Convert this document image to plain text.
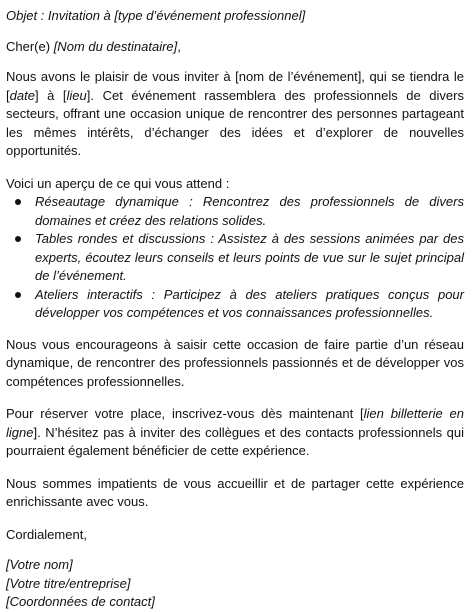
Objet : Invitation à [type d’événement professionnel]

Cher(e) [Nom du destinataire],

Nous avons le plaisir de vous inviter à [nom de l’événement], qui se tiendra le [date] à [lieu]. Cet événement rassemblera des professionnels de divers secteurs, offrant une occasion unique de rencontrer des personnes partageant les mêmes intérêts, d’échanger des idées et d’explorer de nouvelles opportunités.

Voici un aperçu de ce qui vous attend :

Réseautage dynamique : Rencontrez des professionnels de divers domaines et créez des relations solides.
Tables rondes et discussions : Assistez à des sessions animées par des experts, écoutez leurs conseils et leurs points de vue sur le sujet principal de l’événement.
Ateliers interactifs : Participez à des ateliers pratiques conçus pour développer vos compétences et vos connaissances professionnelles.

Nous vous encourageons à saisir cette occasion de faire partie d’un réseau dynamique, de rencontrer des professionnels passionnés et de développer vos compétences professionnelles.

Pour réserver votre place, inscrivez-vous dès maintenant [lien billetterie en ligne]. N’hésitez pas à inviter des collègues et des contacts professionnels qui pourraient également bénéficier de cette expérience.

Nous sommes impatients de vous accueillir et de partager cette expérience enrichissante avec vous.

Cordialement,

[Votre nom]

[Votre titre/entreprise]

[Coordonnées de contact]
